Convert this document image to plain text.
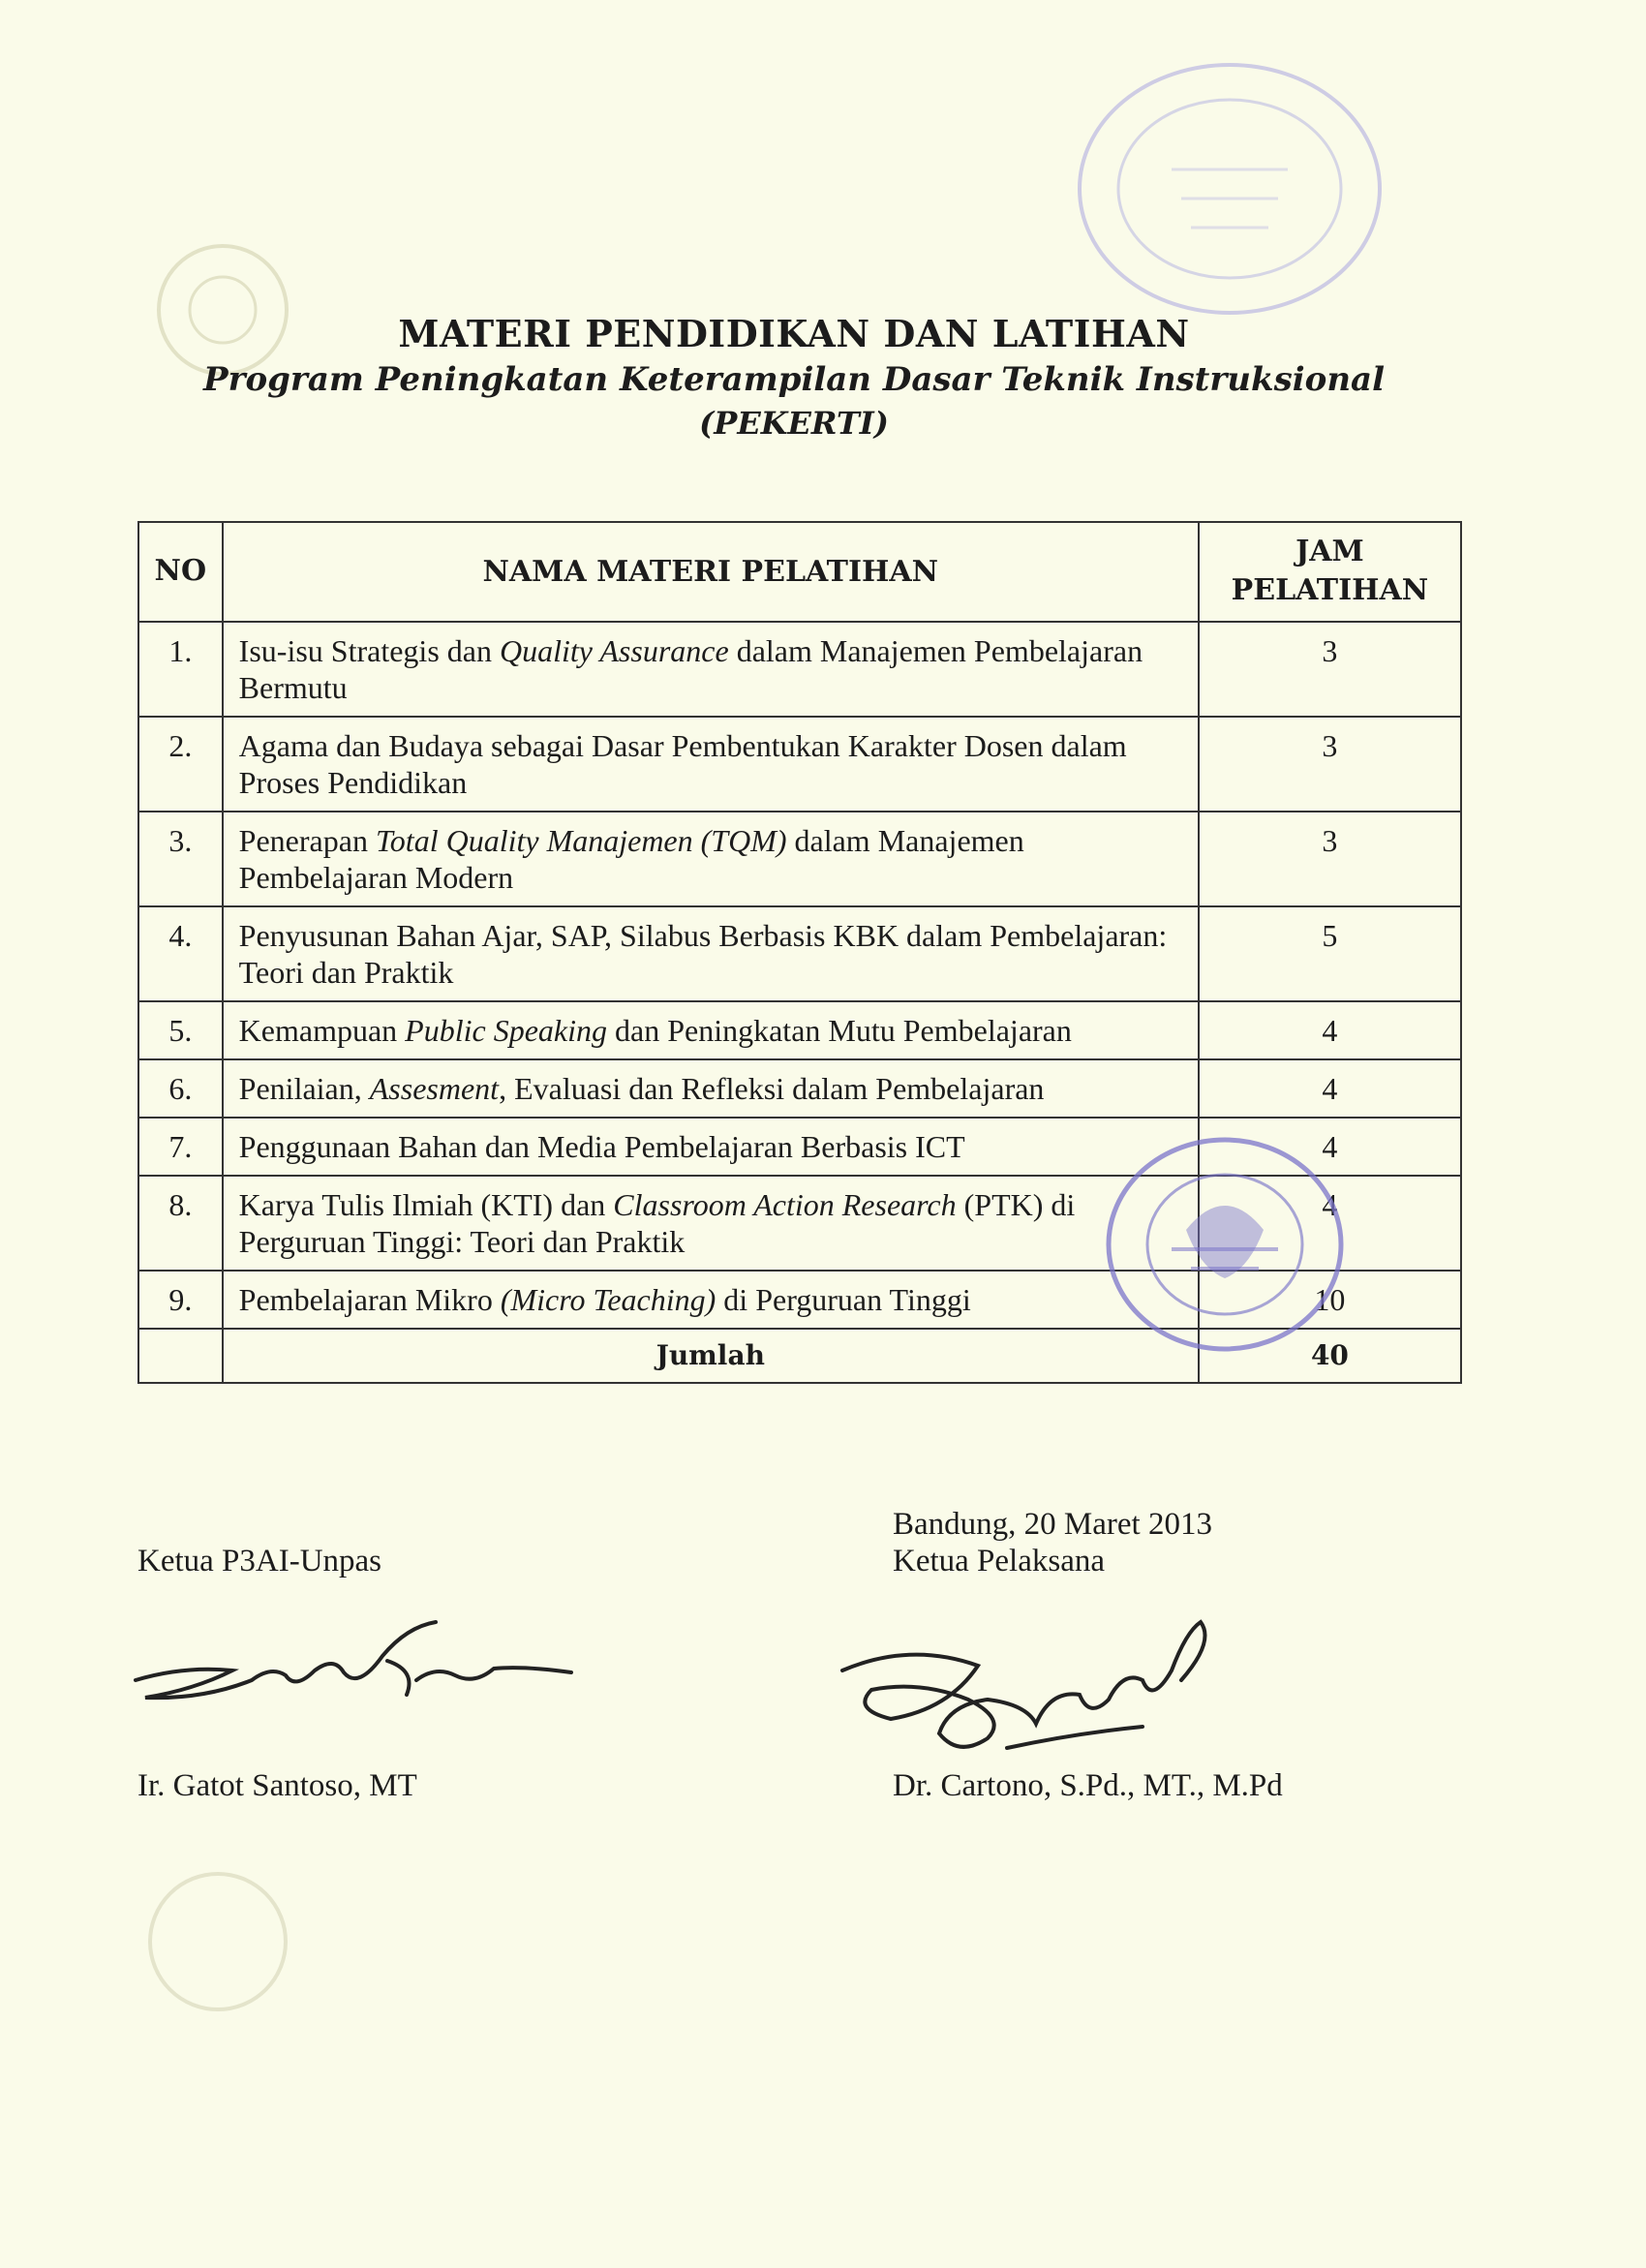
MATERI PENDIDIKAN DAN LATIHAN
Program Peningkatan Keterampilan Dasar Teknik Instruksional
(PEKERTI)
NO	NAMA MATERI PELATIHAN	JAM
PELATIHAN

1.	Isu-isu Strategis dan Quality Assurance dalam Manajemen Pembelajaran Bermutu	3
2.	Agama dan Budaya sebagai Dasar Pembentukan Karakter Dosen dalam Proses Pendidikan	3
3.	Penerapan Total Quality Manajemen (TQM) dalam Manajemen Pembelajaran Modern	3
4.	Penyusunan Bahan Ajar, SAP, Silabus Berbasis KBK dalam Pembelajaran: Teori dan Praktik	5
5.	Kemampuan Public Speaking dan Peningkatan Mutu Pembelajaran	4
6.	Penilaian, Assesment, Evaluasi dan Refleksi dalam Pembelajaran	4
7.	Penggunaan Bahan dan Media Pembelajaran Berbasis ICT	4
8.	Karya Tulis Ilmiah (KTI) dan Classroom Action Research (PTK) di Perguruan Tinggi: Teori dan Praktik	4
9.	Pembelajaran Mikro (Micro Teaching) di Perguruan Tinggi	10
	Jumlah	40
Bandung, 20 Maret 2013
Ketua P3AI-Unpas	Ketua Pelaksana
Ir. Gatot Santoso, MT	Dr. Cartono, S.Pd., MT., M.Pd
